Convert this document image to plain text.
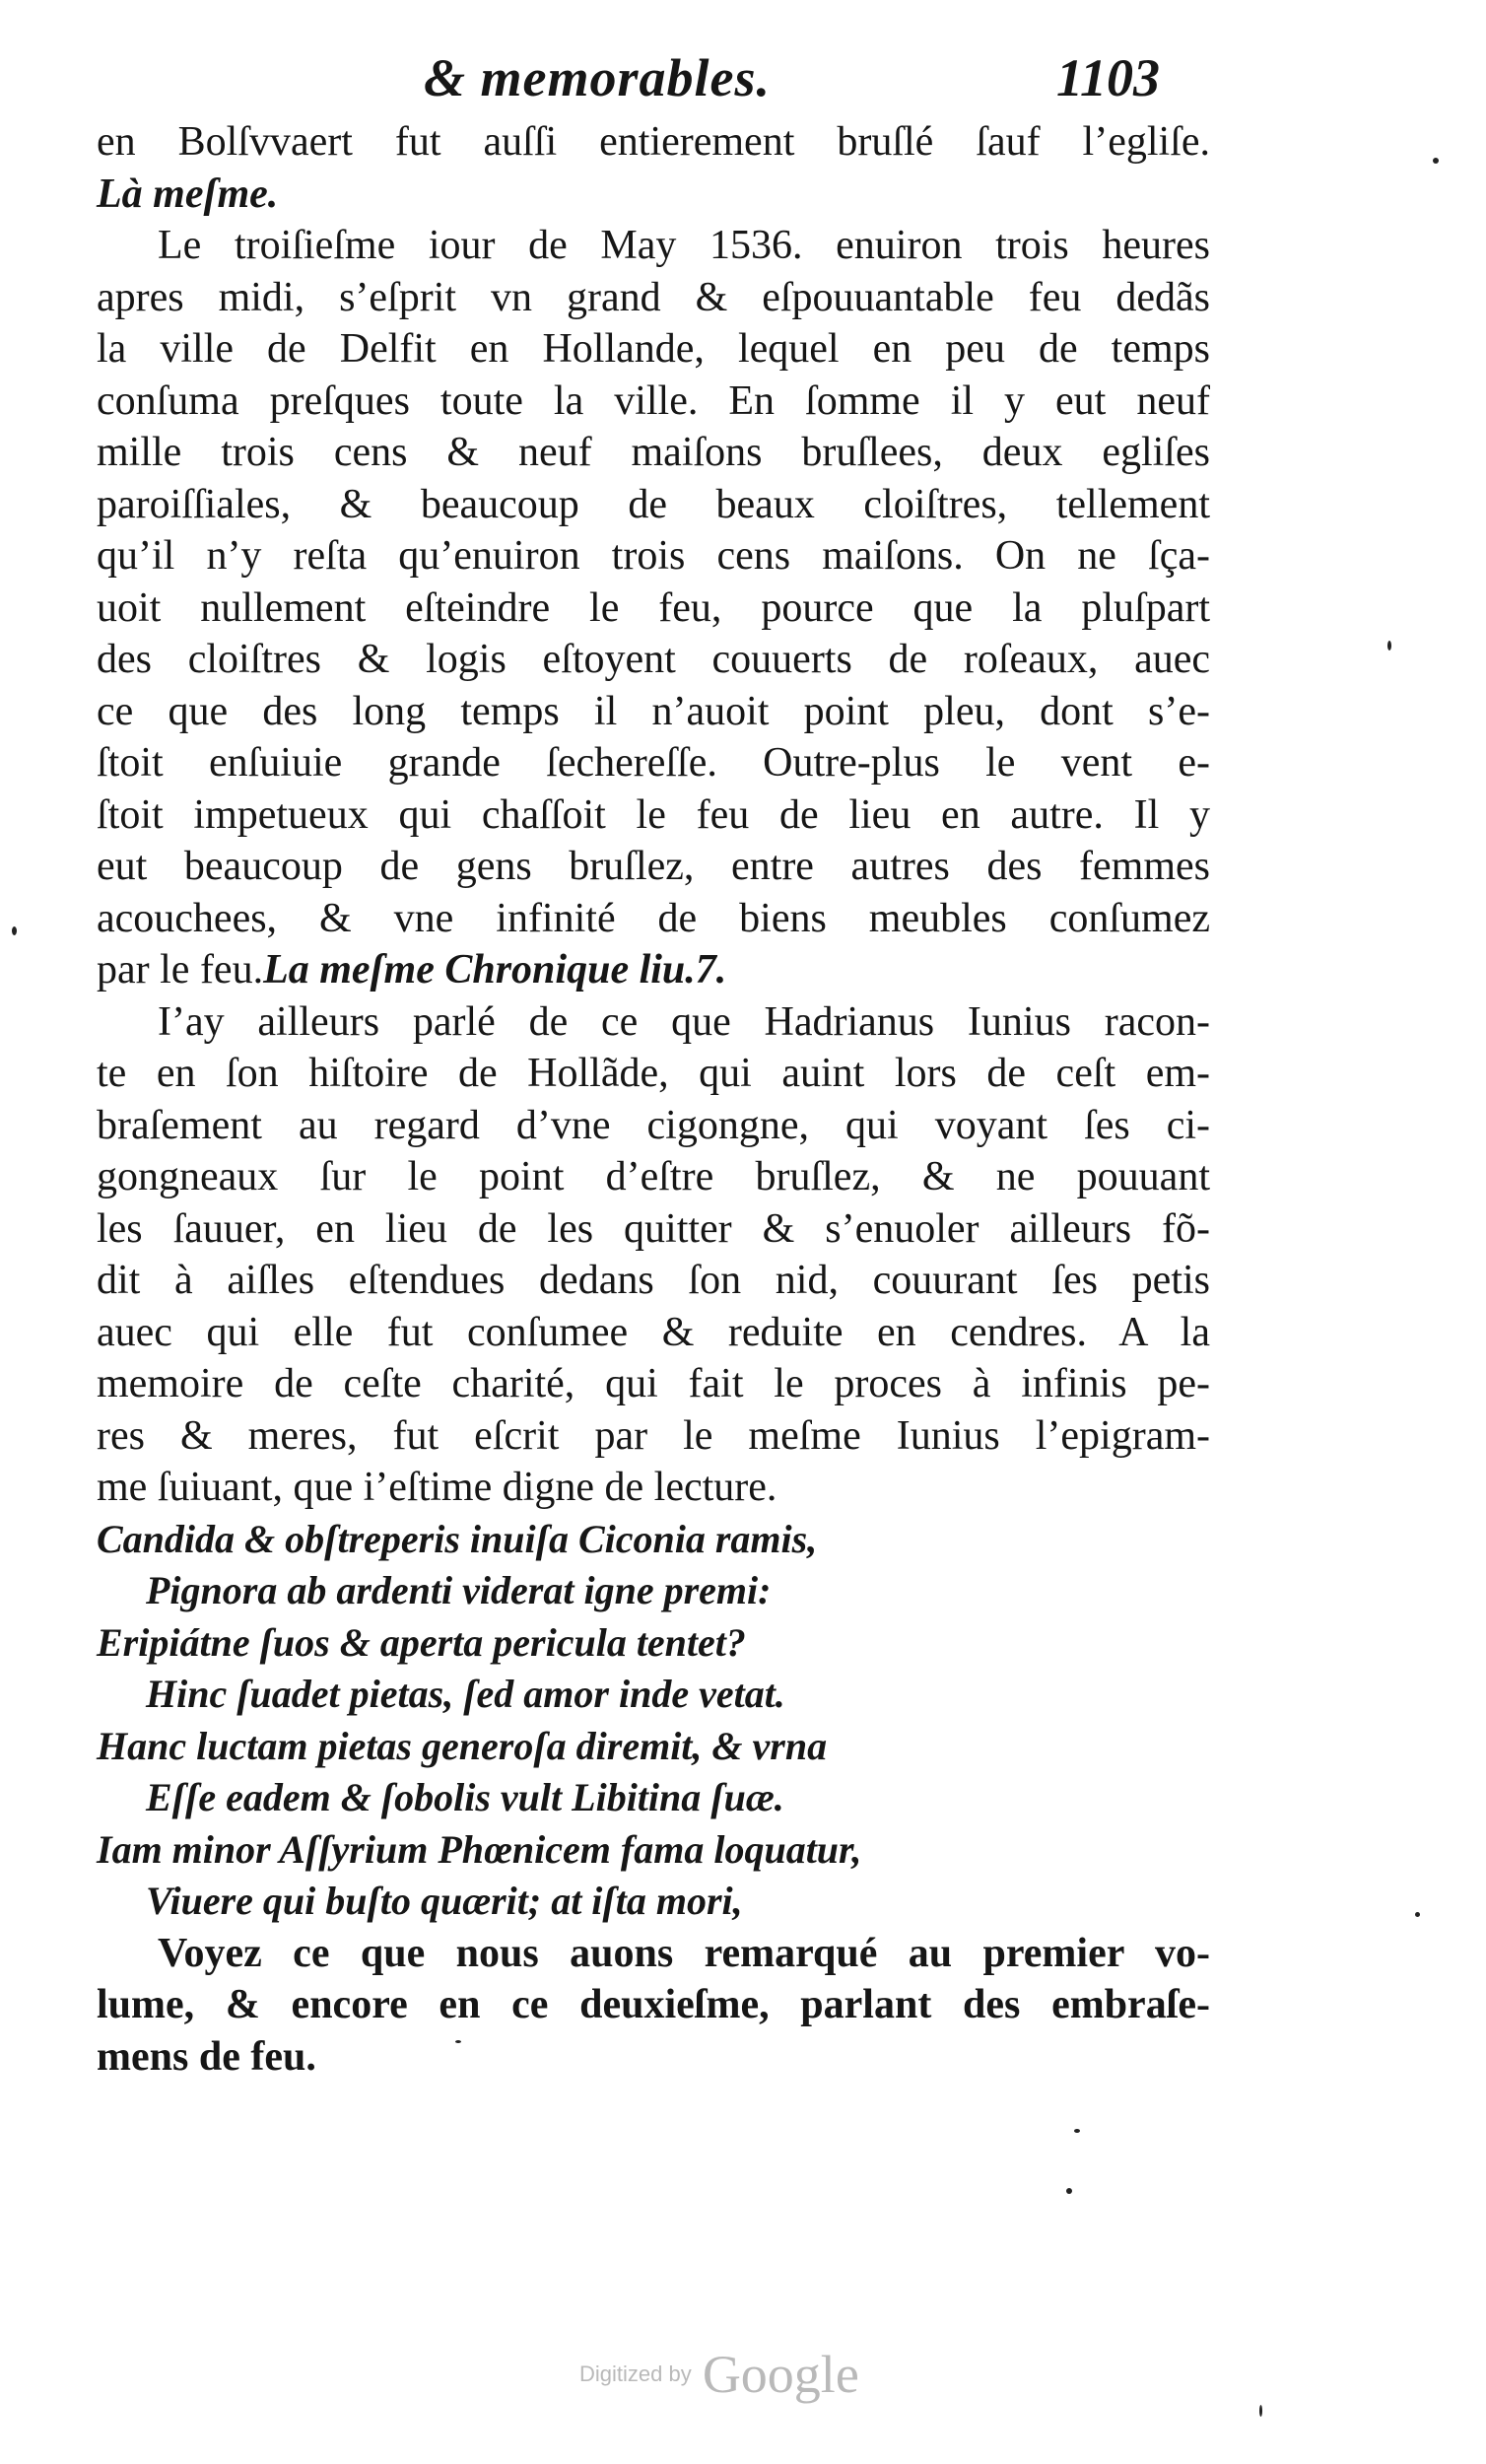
& memorables.	1103
en Bolſvvaert fut auſſi entierement bruſlé ſauf l’egliſe.
Là meſme.
Le troiſieſme iour de May 1536. enuiron trois heures
apres midi, s’eſprit vn grand & eſpouuantable feu dedãs
la ville de Delfit en Hollande, lequel en peu de temps
conſuma preſques toute la ville. En ſomme il y eut neuf
mille trois cens & neuf maiſons bruſlees, deux egliſes
paroiſſiales, & beaucoup de beaux cloiſtres, tellement
qu’il n’y reſta qu’enuiron trois cens maiſons. On ne ſça-
uoit nullement eſteindre le feu, pource que la pluſpart
des cloiſtres & logis eſtoyent couuerts de roſeaux, auec
ce que des long temps il n’auoit point pleu, dont s’e-
ſtoit enſuiuie grande ſechereſſe. Outre-plus le vent e-
ſtoit impetueux qui chaſſoit le feu de lieu en autre. Il y
eut beaucoup de gens bruſlez, entre autres des femmes
acouchees, & vne infinité de biens meubles conſumez
par le feu.La meſme Chronique liu.7.
I’ay ailleurs parlé de ce que Hadrianus Iunius racon-
te en ſon hiſtoire de Hollãde, qui auint lors de ceſt em-
braſement au regard d’vne cigongne, qui voyant ſes ci-
gongneaux ſur le point d’eſtre bruſlez, & ne pouuant
les ſauuer, en lieu de les quitter & s’enuoler ailleurs fõ-
dit à aiſles eſtendues dedans ſon nid, couurant ſes petis
auec qui elle fut conſumee & reduite en cendres. A la
memoire de ceſte charité, qui fait le proces à infinis pe-
res & meres, fut eſcrit par le meſme Iunius l’epigram-
me ſuiuant, que i’eſtime digne de lecture.
Candida & obſtreperis inuiſa Ciconia ramis,
Pignora ab ardenti viderat igne premi:
Eripiátne ſuos & aperta pericula tentet?
Hinc ſuadet pietas, ſed amor inde vetat.
Hanc luctam pietas generoſa diremit, & vrna
Eſſe eadem & ſobolis vult Libitina ſuæ.
Iam minor Aſſyrium Phœnicem fama loquatur,
Viuere qui buſto quærit; at iſta mori,
Voyez ce que nous auons remarqué au premier vo-
lume, & encore en ce deuxieſme, parlant des embraſe-
mens de feu.
Digitized by Google
